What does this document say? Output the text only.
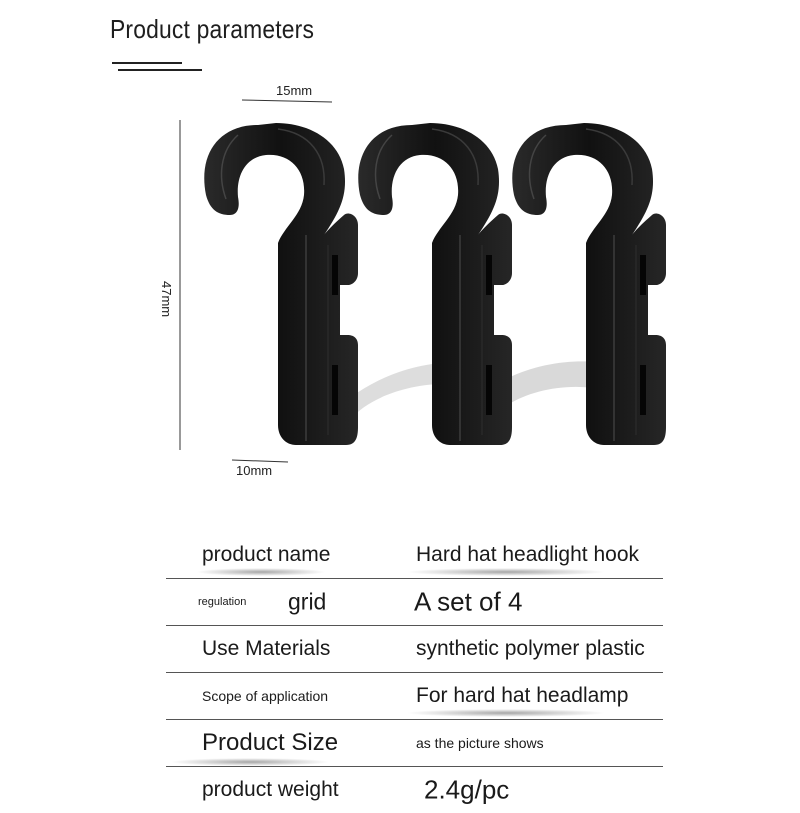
Product parameters
15mm
47mm
10mm
product name	Hard hat headlight hook
regulation grid	A set of 4
Use Materials	synthetic polymer plastic
Scope of application	For hard hat headlamp
Product Size	as the picture shows
product weight	2.4g/pc
